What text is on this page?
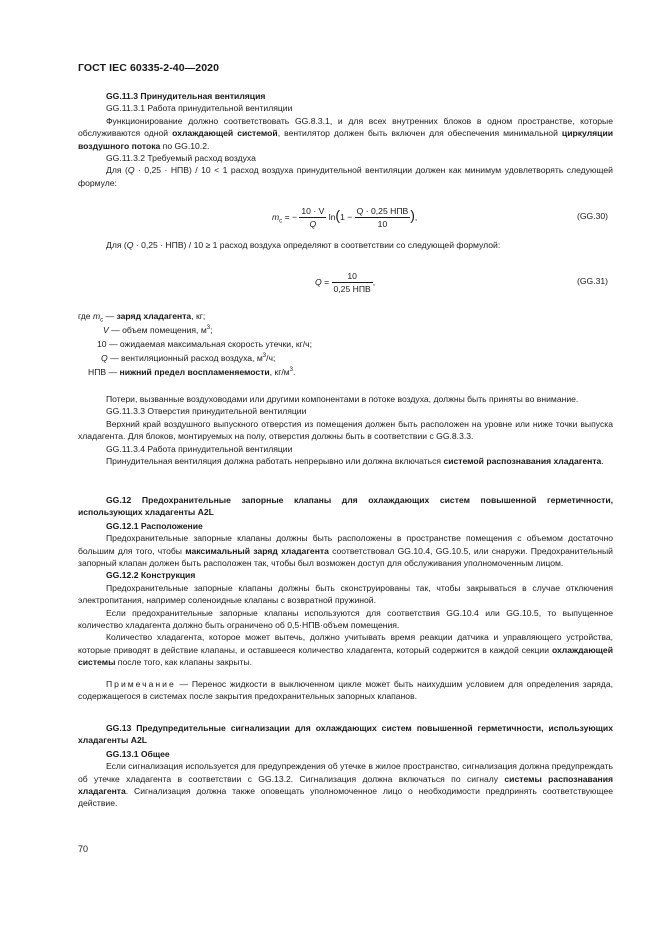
ГОСТ IEC 60335-2-40—2020

GG.11.3 Принудительная вентиляция

GG.11.3.1 Работа принудительной вентиляции

Функционирование должно соответствовать GG.8.3.1, и для всех внутренних блоков в одном пространстве, которые обслуживаются одной охлаждающей системой, вентилятор должен быть включен для обеспечения минимальной циркуляции воздушного потока по GG.10.2.

GG.11.3.2 Требуемый расход воздуха

Для (Q · 0,25 · НПВ) / 10 < 1 расход воздуха принудительной вентиляции должен как минимум удовлетворять следующей формуле:

$m_c$ = − $\frac{10 \cdot V}{Q} \ln(1 - \frac{\text{Q · 0,25 НПВ}}{10}$ ),	(GG.30)

Для (Q · 0,25 · НПВ) / 10 ≥ 1 расход воздуха определяют в соответствии со следующей формулой:

$Q = \frac{10}{\text{0,25 НПВ}}$ ,	(GG.31)
где $m_c$ — заряд хладагента, кг;
V — объем помещения, $м^3$;
10 — ожидаемая максимальная скорость утечки, кг/ч;
Q — вентиляционный расход воздуха, $м^3/ч$;
НПВ — нижний предел воспламеняемости, $кг/м^3$.

Потери, вызванные воздуховодами или другими компонентами в потоке воздуха, должны быть приняты во внимание.

GG.11.3.3 Отверстия принудительной вентиляции

Верхний край воздушного выпускного отверстия из помещения должен быть расположен на уровне или ниже точки выпуска хладагента. Для блоков, монтируемых на полу, отверстия должны быть в соответствии с GG.8.3.3.

GG.11.3.4 Работа принудительной вентиляции

Принудительная вентиляция должна работать непрерывно или должна включаться системой распознавания хладагента.

GG.12 Предохранительные запорные клапаны для охлаждающих систем повышенной герметичности, использующих хладагенты A2L

GG.12.1 Расположение

Предохранительные запорные клапаны должны быть расположены в пространстве помещения с объемом достаточно большим для того, чтобы максимальный заряд хладагента соответствовал GG.10.4, GG.10.5, или снаружи. Предохранительный запорный клапан должен быть расположен так, чтобы был возможен доступ для обслуживания уполномоченным лицом.

GG.12.2 Конструкция

Предохранительные запорные клапаны должны быть сконструированы так, чтобы закрываться в случае отключения электропитания, например соленоидные клапаны с возвратной пружиной.

Если предохранительные запорные клапаны используются для соответствия GG.10.4 или GG.10.5, то выпущенное количество хладагента должно быть ограничено об 0,5·НПВ·объем помещения.

Количество хладагента, которое может вытечь, должно учитывать время реакции датчика и управляющего устройства, которые приводят в действие клапаны, и оставшееся количество хладагента, который содержится в каждой секции охлаждающей системы после того, как клапаны закрыты.

Примечание — Перенос жидкости в выключенном цикле может быть наихудшим условием для определения заряда, содержащегося в системах после закрытия предохранительных запорных клапанов.

GG.13 Предупредительные сигнализации для охлаждающих систем повышенной герметичности, использующих хладагенты A2L

GG.13.1 Общее

Если сигнализация используется для предупреждения об утечке в жилое пространство, сигнализация должна предупреждать об утечке хладагента в соответствии с GG.13.2. Сигнализация должна включаться по сигналу системы распознавания хладагента. Сигнализация должна также оповещать уполномоченное лицо о необходимости предпринять соответствующее действие.

70
